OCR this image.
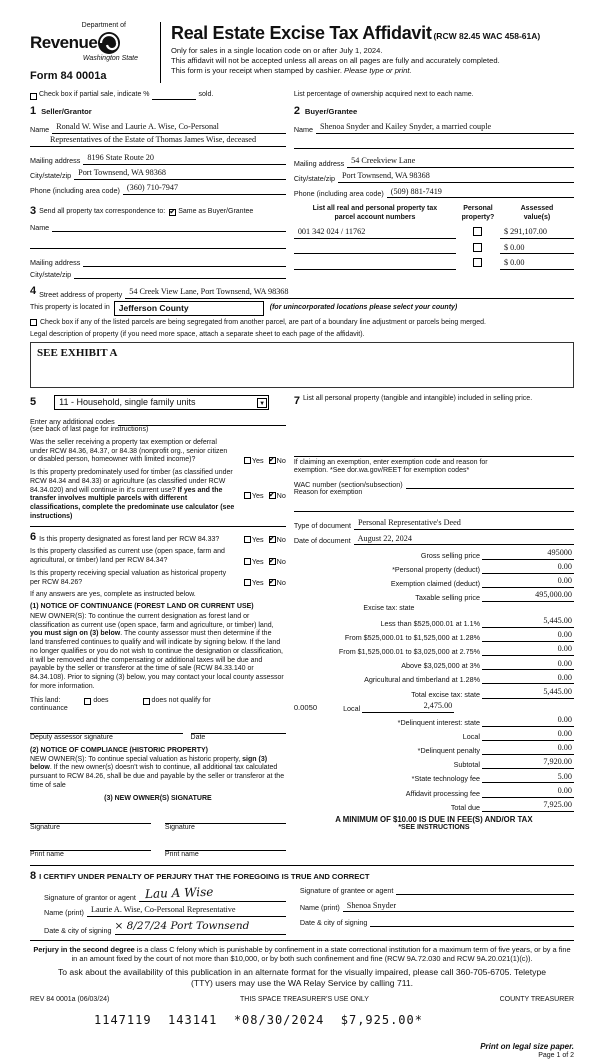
Department of
Revenue
Washington State
Form 84 0001a
Real Estate Excise Tax Affidavit (RCW 82.45 WAC 458-61A)
Only for sales in a single location code on or after July 1, 2024.
This affidavit will not be accepted unless all areas on all pages are fully and accurately completed.
This form is your receipt when stamped by cashier. Please type or print.
Check box if partial sale, indicate %	sold.	List percentage of ownership acquired next to each name.
1 Seller/Grantor
Name Ronald W. Wise and Laurie A. Wise, Co-Personal
Representatives of the Estate of Thomas James Wise, deceased
Mailing address 8196 State Route 20
City/state/zip Port Townsend, WA 98368
Phone (including area code) (360) 710-7947
2 Buyer/Grantee
Name Shenoa Snyder and Kailey Snyder, a married couple
Mailing address 54 Creekview Lane
City/state/zip Port Townsend, WA 98368
Phone (including area code) (509) 881-7419
3 Send all property tax correspondence to: ✔ Same as Buyer/Grantee
Name
Mailing address
City/state/zip
List all real and personal property tax
parcel account numbers
Personal
property?
Assessed
value(s)
001 342 024 / 11762	$ 291,107.00
$ 0.00
$ 0.00
4 Street address of property 54 Creek View Lane, Port Townsend, WA 98368
This property is located in	Jefferson County	(for unincorporated locations please select your county)
Check box if any of the listed parcels are being segregated from another parcel, are part of a boundary line adjustment or parcels being merged.
Legal description of property (if you need more space, attach a separate sheet to each page of the affidavit).
SEE EXHIBIT A
5	11 - Household, single family units	▼
Enter any additional codes
(see back of last page for instructions)
Was the seller receiving a property tax exemption or deferral under RCW 84.36, 84.37, or 84.38 (nonprofit org., senior citizen or disabled person, homeowner with limited income)?	Yes ✔ No
Is this property predominately used for timber (as classified under RCW 84.34 and 84.33) or agriculture (as classified under RCW 84.34.020) and will continue in it's current use? If yes and the transfer involves multiple parcels with different classifications, complete the predominate use calculator (see instructions)
Yes ✔ No
6 Is this property designated as forest land per RCW 84.33?	Yes ✔ No
Is this property classified as current use (open space, farm and agricultural, or timber) land per RCW 84.34?	Yes ✔ No
Is this property receiving special valuation as historical property per RCW 84.26?	Yes ✔ No
If any answers are yes, complete as instructed below.
(1) NOTICE OF CONTINUANCE (FOREST LAND OR CURRENT USE)
NEW OWNER(S): To continue the current designation as forest land or classification as current use (open space, farm and agriculture, or timber) land, you must sign on (3) below. The county assessor must then determine if the land transferred continues to qualify and will indicate by signing below. If the land no longer qualifies or you do not wish to continue the designation or classification, it will be removed and the compensating or additional taxes will be due and payable by the seller or transferor at the time of sale (RCW 84.33.140 or 84.34.108). Prior to signing (3) below, you may contact your local county assessor for more information.
This land:	does	does not qualify for
continuance
Deputy assessor signature	Date
(2) NOTICE OF COMPLIANCE (HISTORIC PROPERTY)
NEW OWNER(S): To continue special valuation as historic property, sign (3) below. If the new owner(s) doesn't wish to continue, all additional tax calculated pursuant to RCW 84.26, shall be due and payable by the seller or transferor at the time of sale
(3) NEW OWNER(S) SIGNATURE
Signature	Signature
Print name	Print name
7 List all personal property (tangible and intangible) included in selling price.
If claiming an exemption, enter exemption code and reason for
exemption. *See dor.wa.gov/REET for exemption codes*
WAC number (section/subsection)
Reason for exemption
Type of document Personal Representative's Deed
Date of document August 22, 2024
Gross selling price	495000
*Personal property (deduct)	0.00
Exemption claimed (deduct)	0.00
Taxable selling price	495,000.00
Excise tax: state
Less than $525,000.01 at 1.1%	5,445.00
From $525,000.01 to $1,525,000 at 1.28%	0.00
From $1,525,000.01 to $3,025,000 at 2.75%	0.00
Above $3,025,000 at 3%	0.00
Agricultural and timberland at 1.28%	0.00
Total excise tax: state	5,445.00
0.0050	Local	2,475.00
*Delinquent interest: state	0.00
Local	0.00
*Delinquent penalty	0.00
Subtotal	7,920.00
*State technology fee	5.00
Affidavit processing fee	0.00
Total due	7,925.00
A MINIMUM OF $10.00 IS DUE IN FEE(S) AND/OR TAX
*SEE INSTRUCTIONS
8 I CERTIFY UNDER PENALTY OF PERJURY THAT THE FOREGOING IS TRUE AND CORRECT
Signature of grantor or agent Lau A Wise
Name (print) Laurie A. Wise, Co-Personal Representative
Date & city of signing × 8/27/24 Port Townsend
Signature of grantee or agent
Name (print) Shenoa Snyder
Date & city of signing
Perjury in the second degree is a class C felony which is punishable by confinement in a state correctional institution for a maximum term of five years, or by a fine in an amount fixed by the court of not more than $10,000, or by both such confinement and fine (RCW 9A.72.030 and RCW 9A.20.021(1)(c)).
To ask about the availability of this publication in an alternate format for the visually impaired, please call 360-705-6705. Teletype
(TTY) users may use the WA Relay Service by calling 711.
REV 84 0001a (06/03/24)	THIS SPACE TREASURER'S USE ONLY	COUNTY TREASURER
1147119  143141  *08/30/2024  $7,925.00*
Print on legal size paper.
Page 1 of 2
